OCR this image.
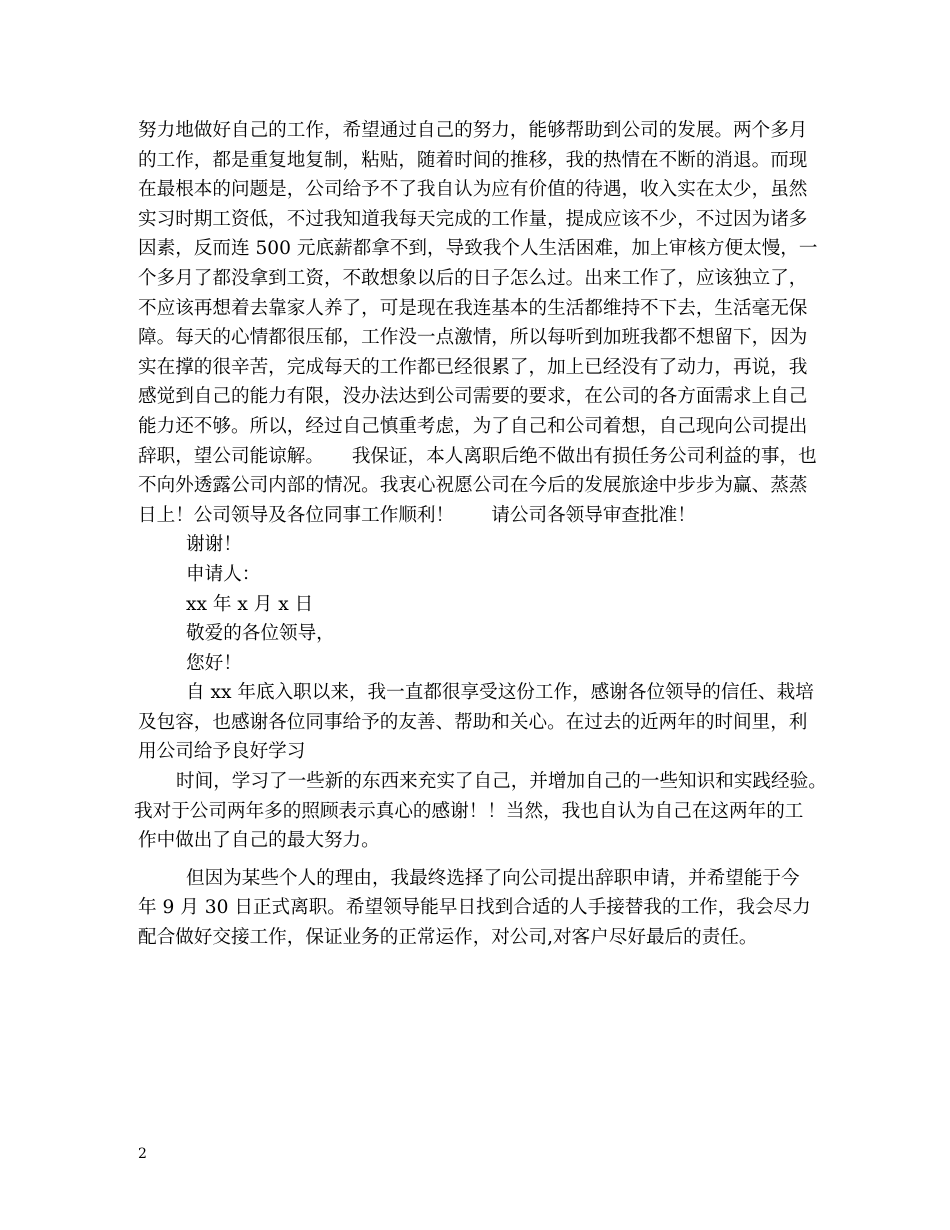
努力地做好自己的工作，希望通过自己的努力，能够帮助到公司的发展。两个多月
的工作，都是重复地复制，粘贴，随着时间的推移，我的热情在不断的消退。而现
在最根本的问题是，公司给予不了我自认为应有价值的待遇，收入实在太少，虽然
实习时期工资低，不过我知道我每天完成的工作量，提成应该不少，不过因为诸多
因素，反而连 500 元底薪都拿不到，导致我个人生活困难，加上审核方便太慢，一
个多月了都没拿到工资，不敢想象以后的日子怎么过。出来工作了，应该独立了，
不应该再想着去靠家人养了，可是现在我连基本的生活都维持不下去，生活毫无保
障。每天的心情都很压郁，工作没一点激情，所以每听到加班我都不想留下，因为
实在撑的很辛苦，完成每天的工作都已经很累了，加上已经没有了动力，再说，我
感觉到自己的能力有限，没办法达到公司需要的要求，在公司的各方面需求上自己
能力还不够。所以，经过自己慎重考虑，为了自己和公司着想，自己现向公司提出
辞职，望公司能谅解。　　我保证，本人离职后绝不做出有损任务公司利益的事，也
不向外透露公司内部的情况。我衷心祝愿公司在今后的发展旅途中步步为赢、蒸蒸
日上！公司领导及各位同事工作顺利！　　请公司各领导审查批准！
谢谢！
申请人：
xx 年 x 月 x 日
敬爱的各位领导，
您好！
自 xx 年底入职以来，我一直都很享受这份工作，感谢各位领导的信任、栽培
及包容，也感谢各位同事给予的友善、帮助和关心。在过去的近两年的时间里，利
用公司给予良好学习
时间，学习了一些新的东西来充实了自己，并增加自己的一些知识和实践经验。
我对于公司两年多的照顾表示真心的感谢！！当然，我也自认为自己在这两年的工
作中做出了自己的最大努力。
但因为某些个人的理由，我最终选择了向公司提出辞职申请，并希望能于今
年 9 月 30 日正式离职。希望领导能早日找到合适的人手接替我的工作，我会尽力
配合做好交接工作，保证业务的正常运作，对公司,对客户尽好最后的责任。
2
